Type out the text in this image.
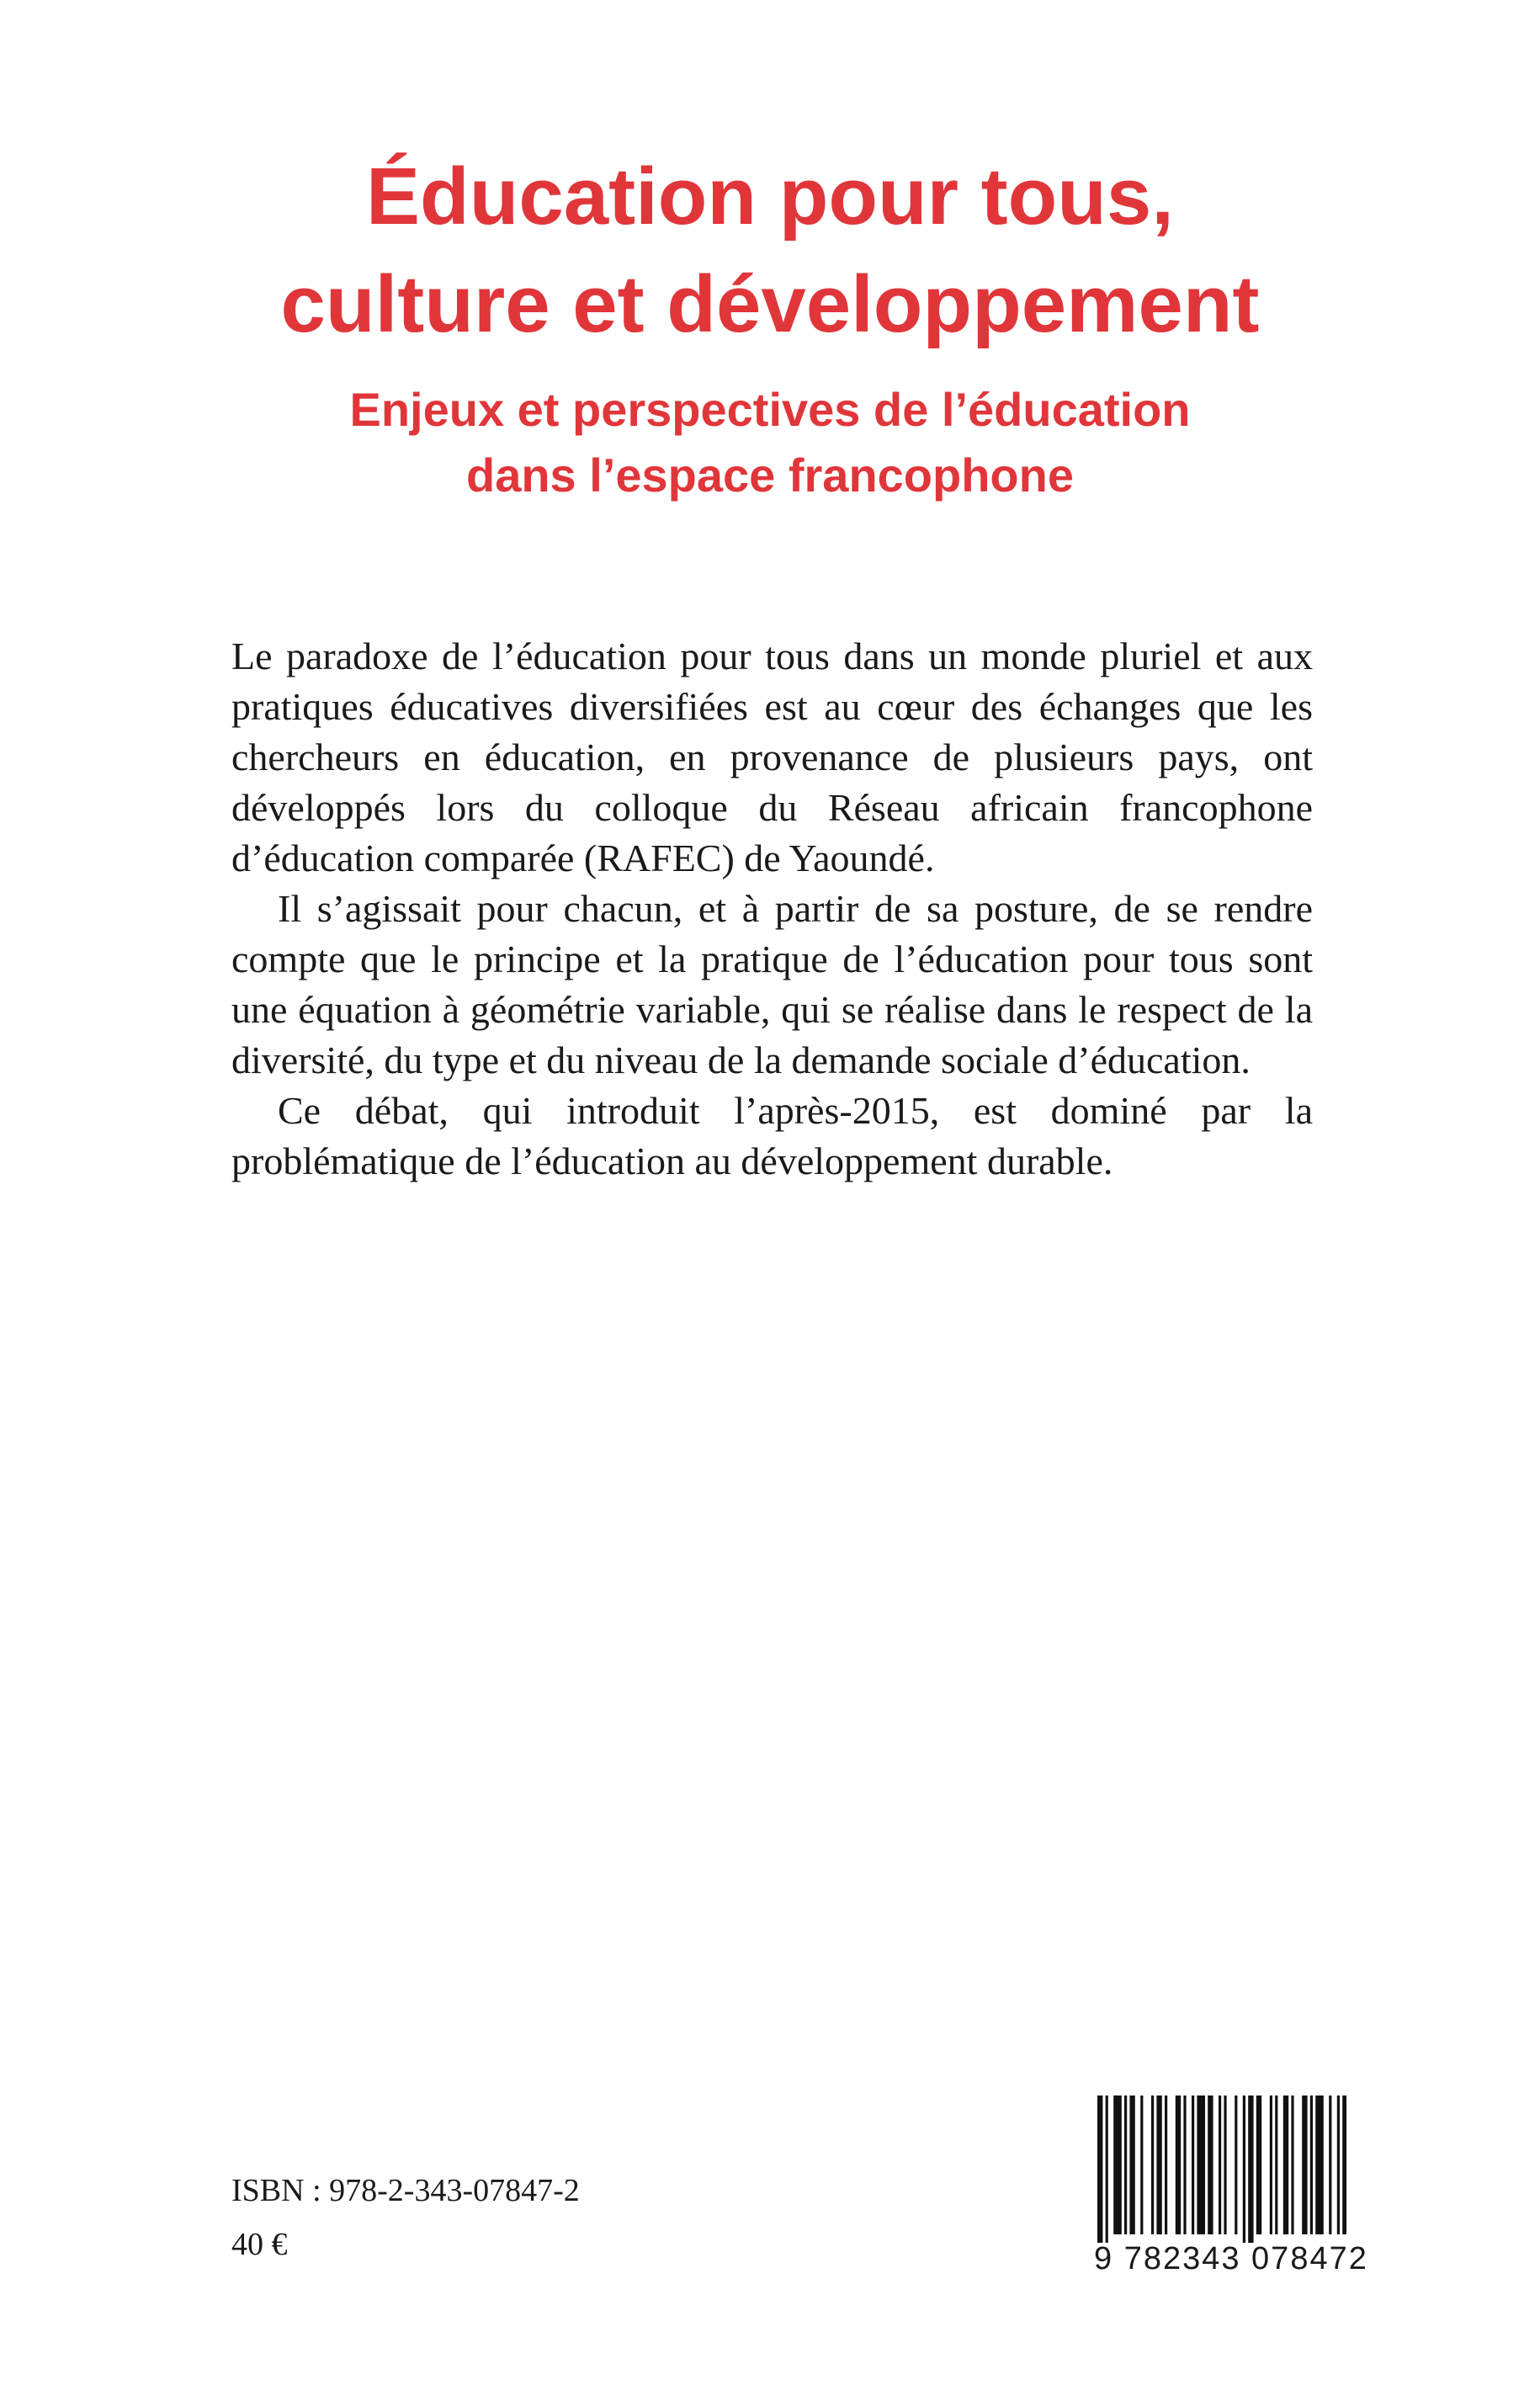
Éducation pour tous,
culture et développement
Enjeux et perspectives de l’éducation
dans l’espace francophone

Le paradoxe de l’éducation pour tous dans un monde pluriel et aux pratiques éducatives diversifiées est au cœur des échanges que les chercheurs en éducation, en provenance de plusieurs pays, ont développés lors du colloque du Réseau africain francophone d’éducation comparée (RAFEC) de Yaoundé.

Il s’agissait pour chacun, et à partir de sa posture, de se rendre compte que le principe et la pratique de l’éducation pour tous sont une équation à géométrie variable, qui se réalise dans le respect de la diversité, du type et du niveau de la demande sociale d’éducation.

Ce débat, qui introduit l’après-2015, est dominé par la problématique de l’éducation au développement durable.

ISBN : 978-2-343-07847-2
40 €	9 782343 078472
